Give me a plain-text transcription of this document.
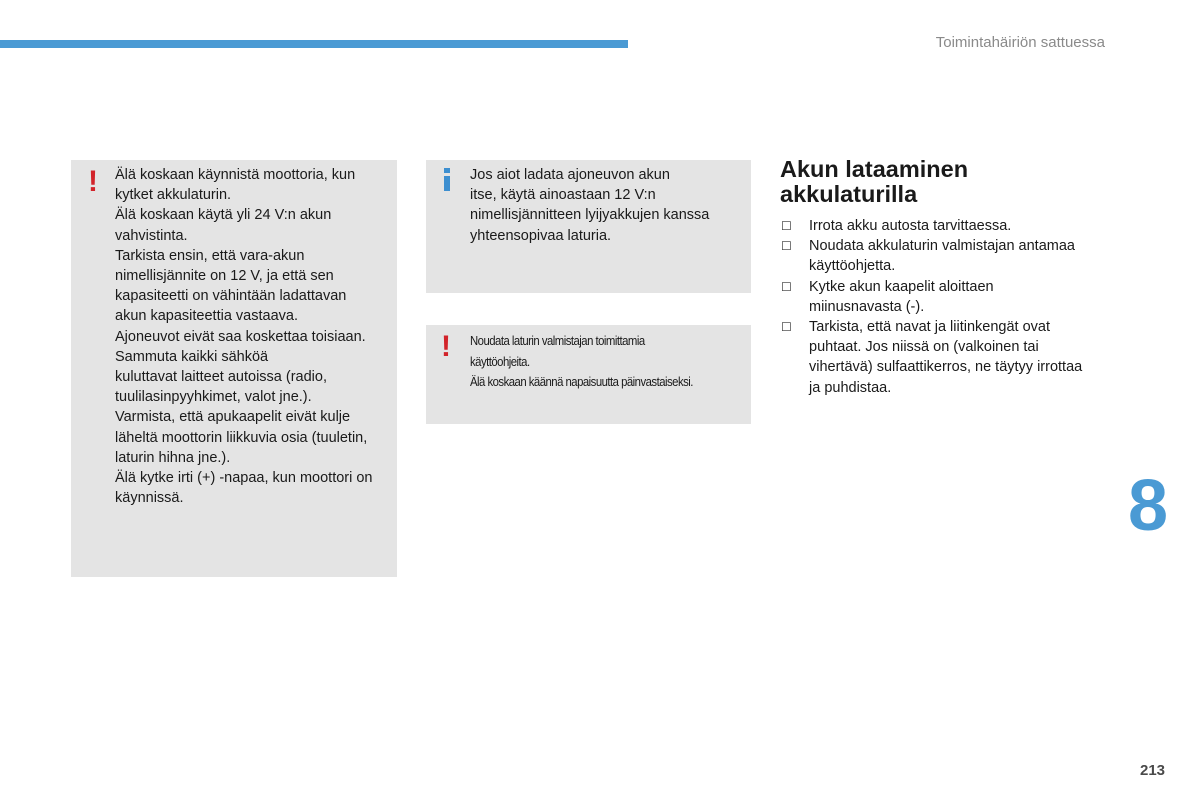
Toimintahäiriön sattuessa
! Älä koskaan käynnistä moottoria, kun
kytket akkulaturin.
Älä koskaan käytä yli 24 V:n akun
vahvistinta.
Tarkista ensin, että vara-akun
nimellisjännite on 12 V, ja että sen
kapasiteetti on vähintään ladattavan
akun kapasiteettia vastaava.
Ajoneuvot eivät saa koskettaa toisiaan.
Sammuta kaikki sähköä
kuluttavat laitteet autoissa (radio,
tuulilasinpyyhkimet, valot jne.).
Varmista, että apukaapelit eivät kulje
läheltä moottorin liikkuvia osia (tuuletin,
laturin hihna jne.).
Älä kytke irti (+) -napaa, kun moottori on
käynnissä.

Jos aiot ladata ajoneuvon akun
itse, käytä ainoastaan 12 V:n
nimellisjännitteen lyijyakkujen kanssa
yhteensopivaa laturia.

! Noudata laturin valmistajan toimittamia
käyttöohjeita.
Älä koskaan käännä napaisuutta päinvastaiseksi.

Akun lataaminen
akkulaturilla
☐ Irrota akku autosta tarvittaessa.
☐ Noudata akkulaturin valmistajan antamaa
käyttöohjetta.
☐ Kytke akun kaapelit aloittaen
miinusnavasta (-).
☐ Tarkista, että navat ja liitinkengät ovat
puhtaat. Jos niissä on (valkoinen tai
vihertävä) sulfaattikerros, ne täytyy irrottaa
ja puhdistaa.
8
213
